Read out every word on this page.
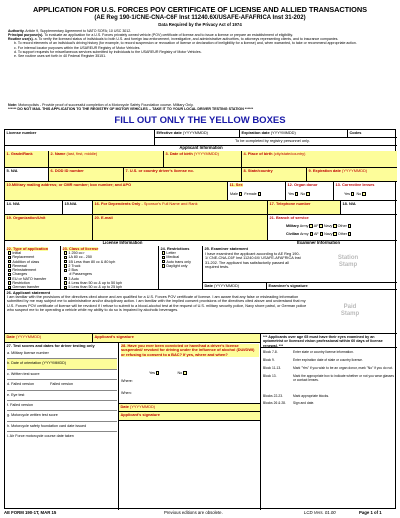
APPLICATION FOR U.S. FORCES POV CERTIFICATE OF LICENSE AND ALLIED TRANSACTIONS
(AE Reg 190-1/CNE-CNA-C6F Inst 11240.6X/USAFE-AFAFRICA Inst 31-202)
Data Required by the Privacy Act of 1974
Authority. Article 9, Supplementary Agreement to NATO SOFA; 10 USC 3012.
Principal purpose(s). To evaluate an application for a U.S. Forces privately owned vehicle (POV) certificate of license and to issue a license or prepare an establishment of eligibility.
Routine use(s). a. To verify the licensed status of individuals to both U.S. and foreign law-enforcement, investigative, and administrative authorities, to attorneys representing clients, and to insurance companies.
b. To record elements of an individual's driving history (for example, to record suspension or revocation of license or declaration of ineligibility for a license) and, when warranted, to take or recommend appropriate action.
c. For internal locator purposes within the USAREUR Registry of Motor Vehicles.
d. To support requests for miscellaneous services submitted by individuals to the USAREUR Registry of Motor Vehicles.
e. See routine uses set forth in 40 Federal Register 35151.
Note: Motorcyclists - Provide proof of successful completion of a Motorcycle Safety Foundation course. Military Only.
****** DO NOT MAIL THIS APPLICATION TO THE REGISTRY OF MOTOR VEHICLES -- TAKE IT TO YOUR LOCAL DRIVER TESTING STATION ******
FILL OUT ONLY THE YELLOW BOXES
License number	Effective date (YYYYMMDD)	Expiration date (YYYYMMDD)	Codes
To be completed by registry personnel only.
Applicant Information
1. Grade/Rank	2. Name (last, first, middle)	3. Date of birth (YYYYMMDD)	4. Place of birth (city/state/country)
5. N/A	6. DOD ID number	7. U.S. or country driver's license no.	8. State/country	9. Expiration date (YYYYMMDD)
10.Military mailing address; or CMR number; box number; and APO	11. Sex
Male Female
12. Organ donor
Yes No
13. Corrective lenses
Yes No
14. N/A	15.N/A	16. For Dependents Only - Sponsor's Full Name and Rank	17. Telephone number	18. N/A
19. Organization/Unit	20. E-mail	21. Branch of service
Military Army AF Navy Other
Civilian Army AF Navy Other
License Information	Examiner Information
22. Type of application
Initial
Replacement
Addition of class
Renewal
Reinstatement
Changes
EU or NATO transfer
Restriction
German transfer
23. Class of license
1 250 cc>
1A 80 cc - 250
1B Less than 80 cc & 80 kph
2 Truck
2 Bus
# Passengers
3 Auto
4 Less than 50 cc & up to 50 kph
5 Less than 50 cc & up to 25 kph
24. Restrictions
Letter
Medical
Auto trans only
Daylight only
25. Examiner statement
I have examined the applicant according to AE Reg 190-1/ CNE-CNA-C6F Inst 11240.6X/ USAFE-AFAFRICA Inst 31-202. The applicant has satisfactorily passed all required tests.
Station
Stamp
Date (YYYYMMDD)	Examiner's signature
26. Applicant statement
I am familiar with the provisions of the directives cited above and am qualified for a U.S. Forces POV certificate of license. I am aware that any false or misleading information submitted by me may subject me to administrative and/or disciplinary action. I am familiar with the implied consent provisions of the directives cited above and understand that my U.S. Forces POV certificate of license will be revoked if I refuse to submit to a blood-alcohol test at the request of U.S. military security police, Navy shore patrol, or German police who suspect me to be operating a vehicle while my ability to do so is impaired by alcoholic beverages.
Paid
Stamp
Date (YYYYMMDD)	Applicant's signature	*** Applicants over age 65 must have their eyes examined by an optometrist or licensed vision professional within 60 days of license renewal. ***
27. Test scores and dates for driver testing only
a. Military license number
b. Date of orientation (YYYYMMDD)
c. Written test score
d. Failed version	Failed version
e. Eye test
f. Failed version
g. Motorcycle written test score
h. Motorcycle safety foundation card date issued
i. Air Force motorcycle course date taken
28. Have you ever been convicted or have/had a driver's license suspended/ revoked for driving under the influence of alcohol (DUI/DWI) or refusing to consent to a BAC? If yes, where and when?
Yes	No
Where:
When:
Date (YYYYMMDD)
Applicant's signature
Block 7-8.	Enter state or country license information.
Block 9.	Enter expiration date of state or country license.
Block 11-13.	Mark "Yes" if you wish to be an organ donor, mark "No" if you do not.
Block 13.	Mark the appropriate box to indicate whether or not you wear glasses or contact lenses.
Blocks 22-23.	Mark appropriate blocks.
Blocks 26 & 28.	Sign and date.
AE FORM 190-1T, MAR 15	Previous editions are obsolete.	LCD Vers. 01.00	Page 1 of 1
